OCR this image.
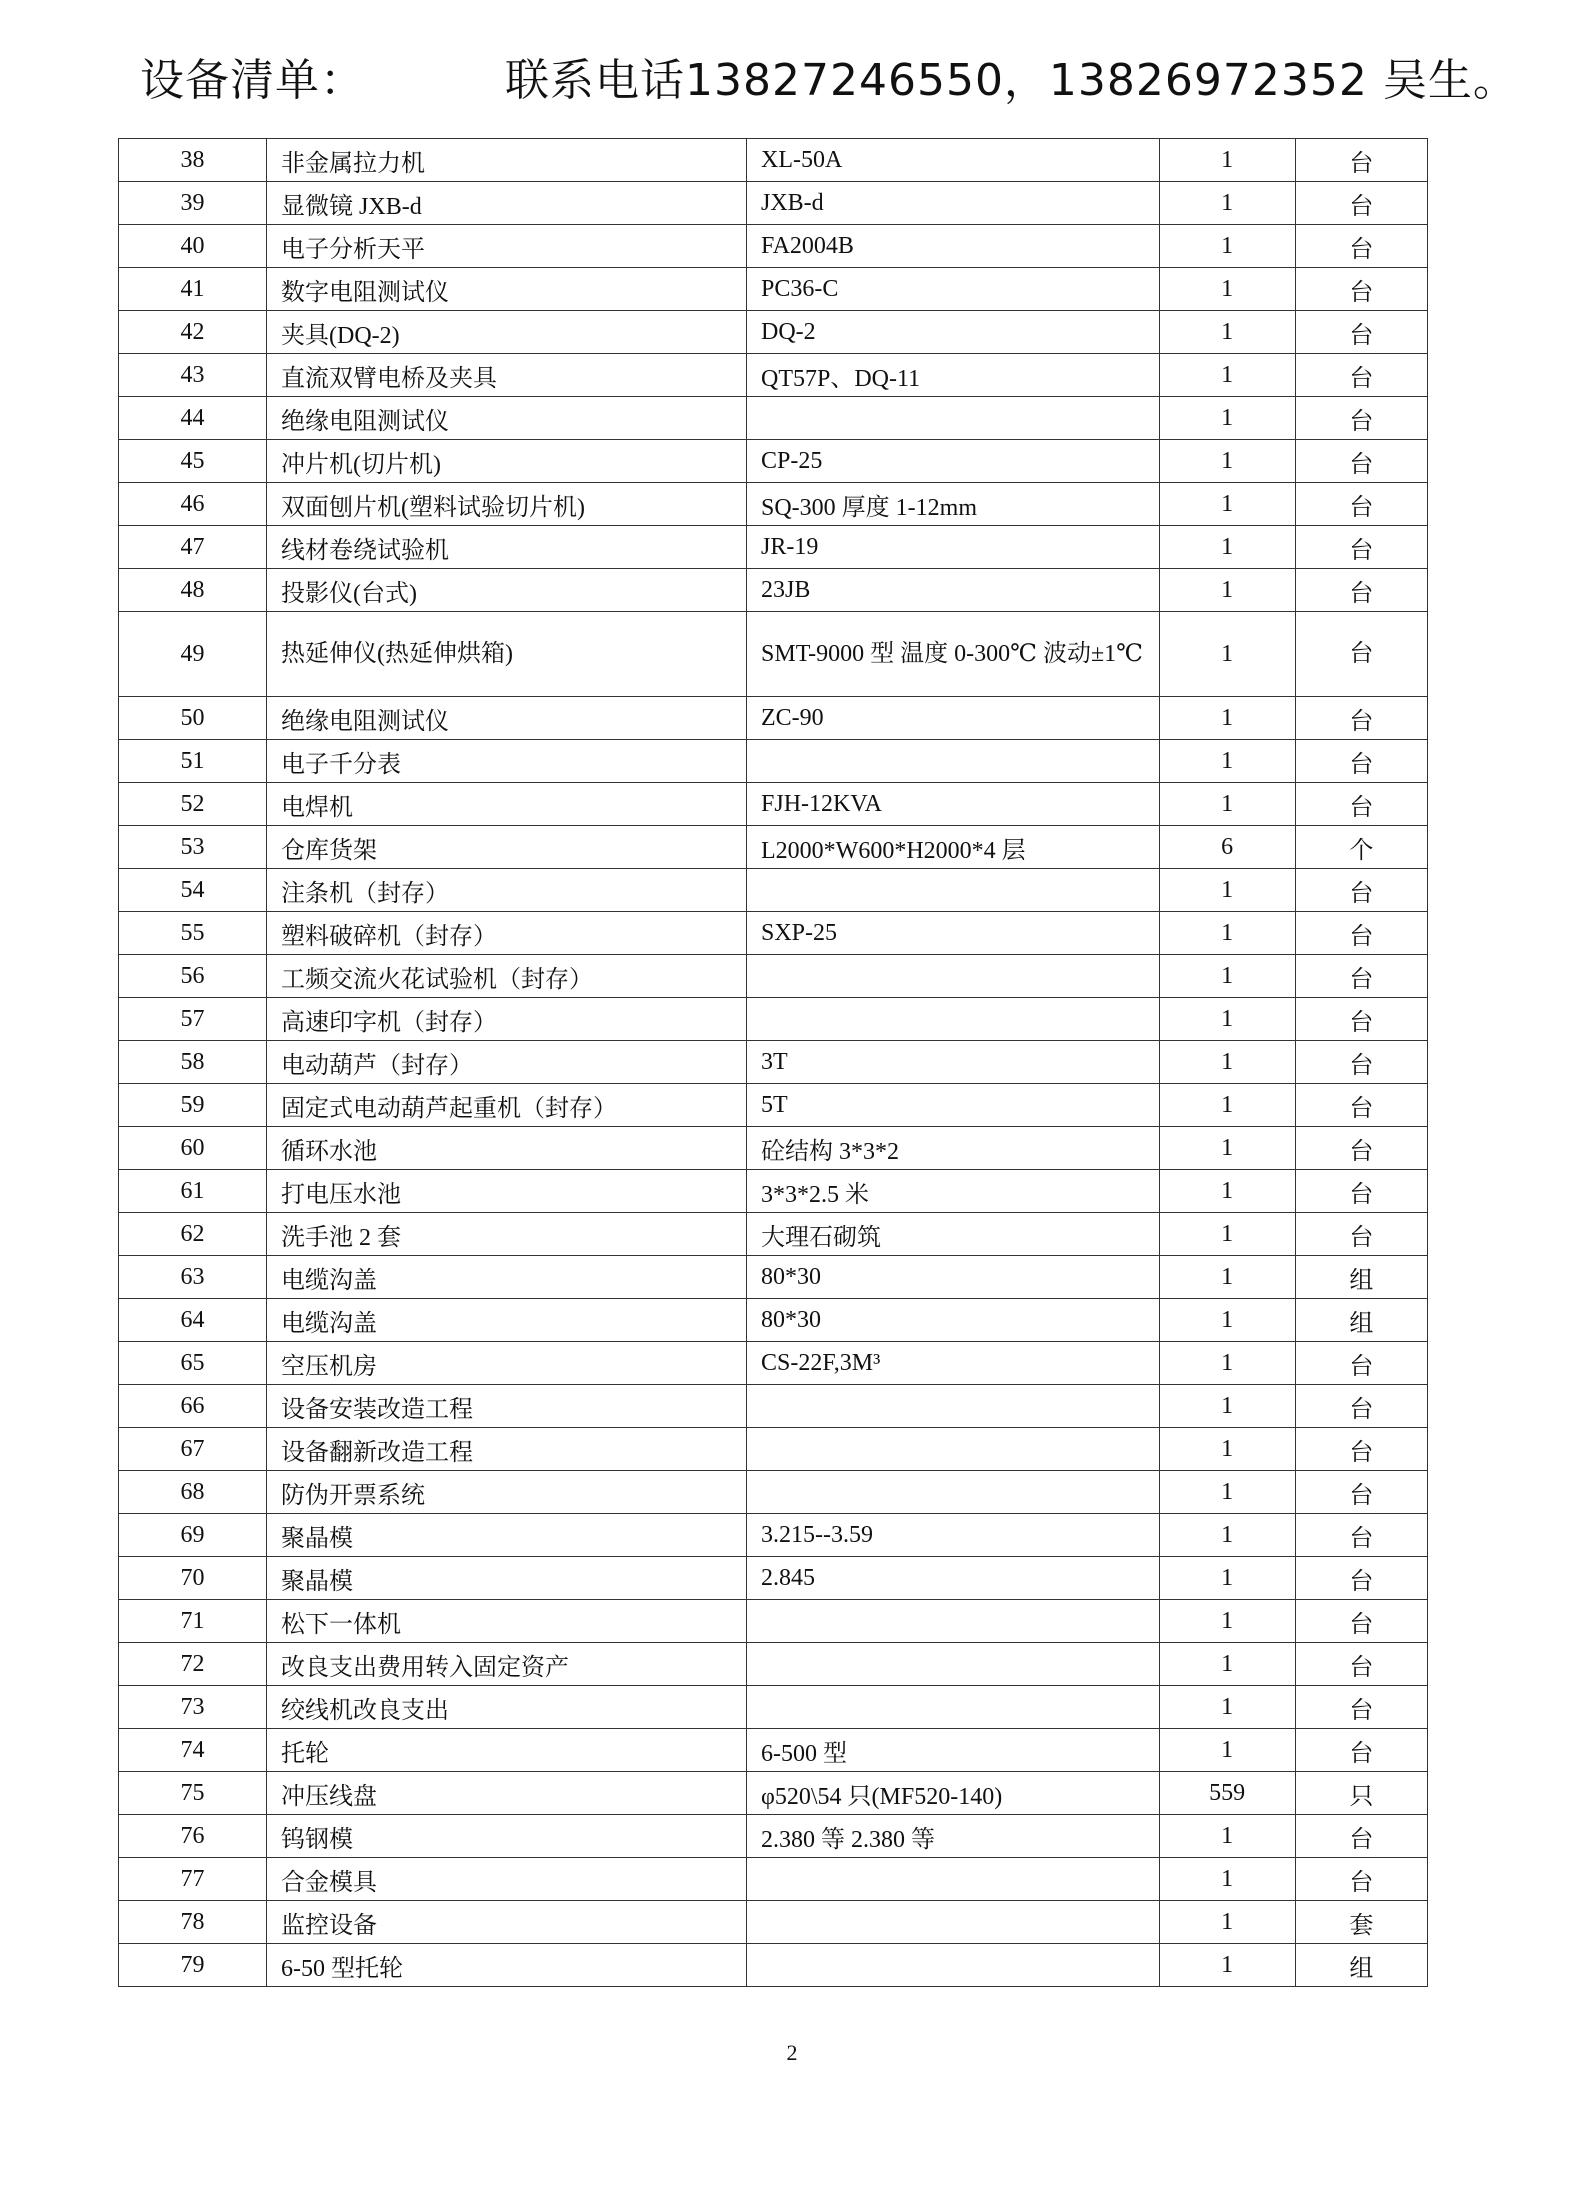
设备清单：	联系电话13827246550，13826972352 吴生。
38	非金属拉力机	XL-50A	1	台
39	显微镜 JXB-d	JXB-d	1	台
40	电子分析天平	FA2004B	1	台
41	数字电阻测试仪	PC36-C	1	台
42	夹具(DQ-2)	DQ-2	1	台
43	直流双臂电桥及夹具	QT57P、DQ-11	1	台
44	绝缘电阻测试仪		1	台
45	冲片机(切片机)	CP-25	1	台
46	双面刨片机(塑料试验切片机)	SQ-300 厚度 1-12mm	1	台
47	线材卷绕试验机	JR-19	1	台
48	投影仪(台式)	23JB	1	台
49	热延伸仪(热延伸烘箱)	SMT-9000 型 温度 0-300℃ 波动±1℃	1	台
50	绝缘电阻测试仪	ZC-90	1	台
51	电子千分表		1	台
52	电焊机	FJH-12KVA	1	台
53	仓库货架	L2000*W600*H2000*4 层	6	个
54	注条机（封存）		1	台
55	塑料破碎机（封存）	SXP-25	1	台
56	工频交流火花试验机（封存）		1	台
57	高速印字机（封存）		1	台
58	电动葫芦（封存）	3T	1	台
59	固定式电动葫芦起重机（封存）	5T	1	台
60	循环水池	砼结构 3*3*2	1	台
61	打电压水池	3*3*2.5 米	1	台
62	洗手池 2 套	大理石砌筑	1	台
63	电缆沟盖	80*30	1	组
64	电缆沟盖	80*30	1	组
65	空压机房	CS-22F,3M³	1	台
66	设备安装改造工程		1	台
67	设备翻新改造工程		1	台
68	防伪开票系统		1	台
69	聚晶模	3.215--3.59	1	台
70	聚晶模	2.845	1	台
71	松下一体机		1	台
72	改良支出费用转入固定资产		1	台
73	绞线机改良支出		1	台
74	托轮	6-500 型	1	台
75	冲压线盘	φ520\54 只(MF520-140)	559	只
76	钨钢模	2.380 等 2.380 等	1	台
77	合金模具		1	台
78	监控设备		1	套
79	6-50 型托轮		1	组
2
